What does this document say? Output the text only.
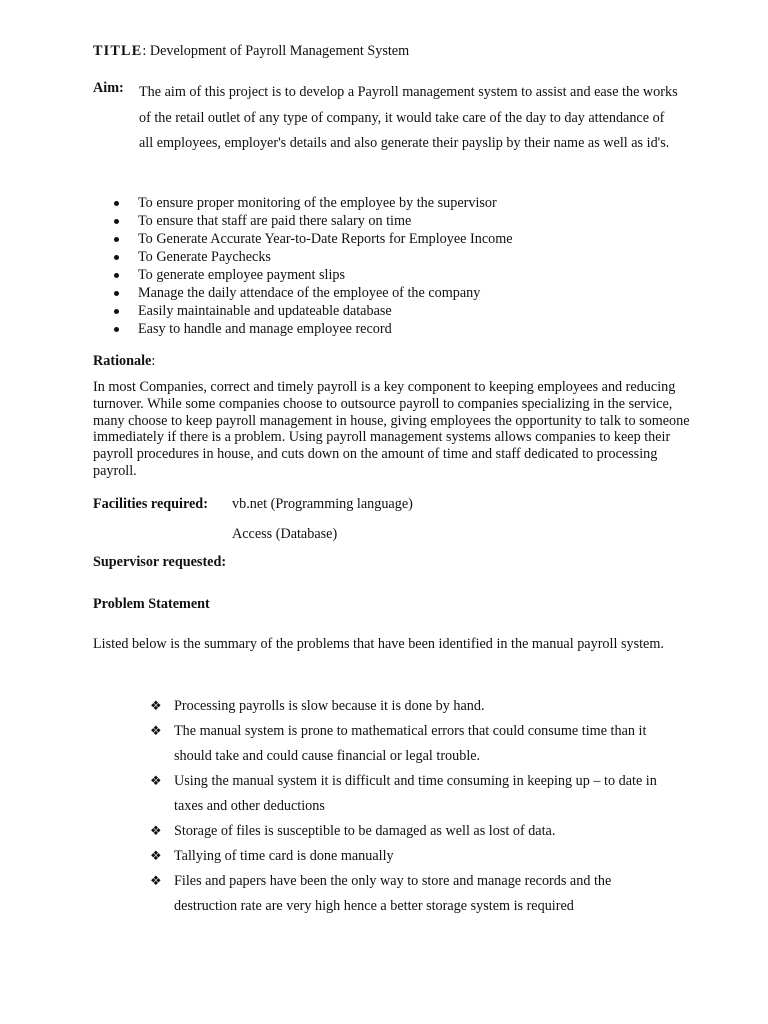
TITLE: Development of Payroll Management System
Aim: The aim of this project is to develop a Payroll management system to assist and ease the works of the retail outlet of any type of company, it would take care of the day to day attendance of all employees, employer's details and also generate their payslip by their name as well as id's.
To ensure proper monitoring of the employee by the supervisor
To ensure that staff are paid there salary on time
To Generate Accurate Year-to-Date Reports for Employee Income
To Generate Paychecks
To generate employee payment slips
Manage the daily attendace of the employee of the company
Easily maintainable and updateable database
Easy to handle and manage employee record
Rationale:
In most Companies, correct and timely payroll is a key component to keeping employees and reducing turnover. While some companies choose to outsource payroll to companies specializing in the service, many choose to keep payroll management in house, giving employees the opportunity to talk to someone immediately if there is a problem. Using payroll management systems allows companies to keep their payroll procedures in house, and cuts down on the amount of time and staff dedicated to processing payroll.
Facilities required: vb.net (Programming language)
Access (Database)
Supervisor requested:
Problem Statement
Listed below is the summary of the problems that have been identified in the manual payroll system.
❖ Processing payrolls is slow because it is done by hand.
❖ The manual system is prone to mathematical errors that could consume time than it should take and could cause financial or legal trouble.
❖ Using the manual system it is difficult and time consuming in keeping up – to date in taxes and other deductions
❖ Storage of files is susceptible to be damaged as well as lost of data.
❖ Tallying of time card is done manually
❖ Files and papers have been the only way to store and manage records and the destruction rate are very high hence a better storage system is required
